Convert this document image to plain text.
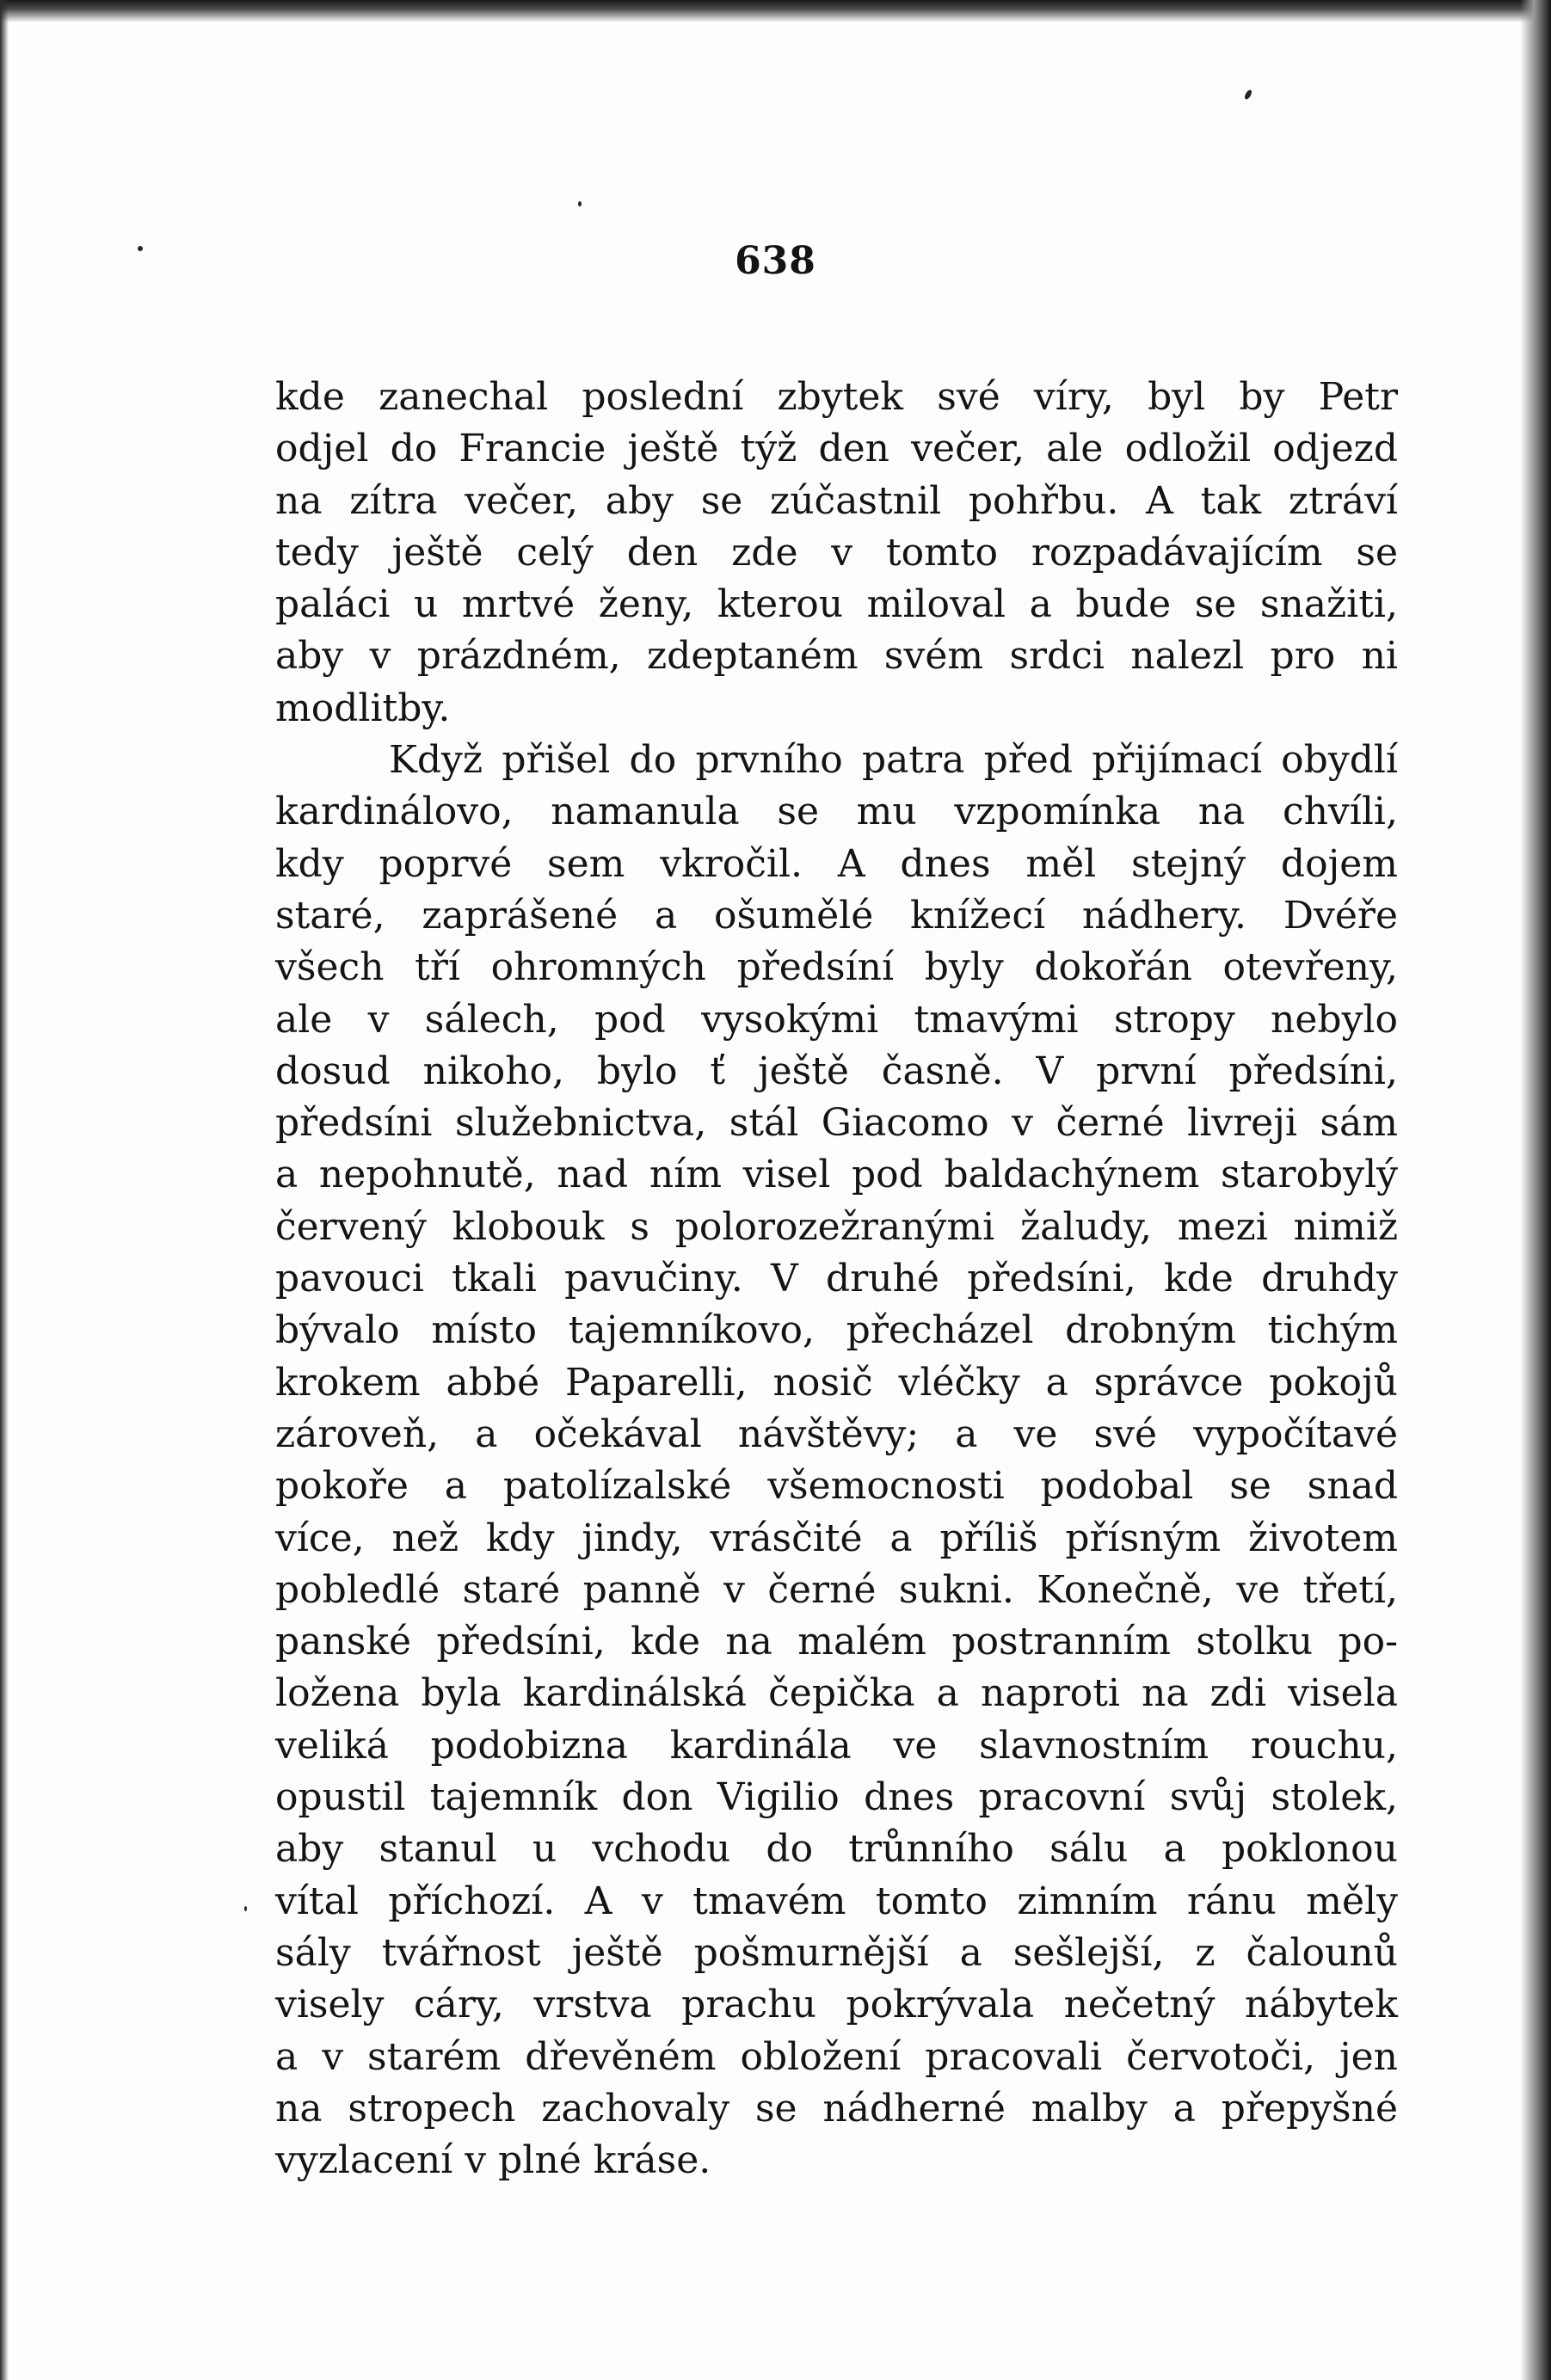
638
kde zanechal poslední zbytek své víry, byl by Petr
odjel do Francie ještě týž den večer, ale odložil odjezd
na zítra večer, aby se zúčastnil pohřbu. A tak ztráví
tedy ještě celý den zde v tomto rozpadávajícím se
paláci u mrtvé ženy, kterou miloval a bude se snažiti,
aby v prázdném, zdeptaném svém srdci nalezl pro ni
modlitby.
Když přišel do prvního patra před přijímací obydlí
kardinálovo, namanula se mu vzpomínka na chvíli,
kdy poprvé sem vkročil. A dnes měl stejný dojem
staré, zaprášené a ošumělé knížecí nádhery. Dvéře
všech tří ohromných předsíní byly dokořán otevřeny,
ale v sálech, pod vysokými tmavými stropy nebylo
dosud nikoho, bylo ť ještě časně. V první předsíni,
předsíni služebnictva, stál Giacomo v černé livreji sám
a nepohnutě, nad ním visel pod baldachýnem starobylý
červený klobouk s polorozežranými žaludy, mezi nimiž
pavouci tkali pavučiny. V druhé předsíni, kde druhdy
bývalo místo tajemníkovo, přecházel drobným tichým
krokem abbé Paparelli, nosič vléčky a správce pokojů
zároveň, a očekával návštěvy; a ve své vypočítavé
pokoře a patolízalské všemocnosti podobal se snad
více, než kdy jindy, vrásčité a příliš přísným životem
pobledlé staré panně v černé sukni. Konečně, ve třetí,
panské předsíni, kde na malém postranním stolku po-
ložena byla kardinálská čepička a naproti na zdi visela
veliká podobizna kardinála ve slavnostním rouchu,
opustil tajemník don Vigilio dnes pracovní svůj stolek,
aby stanul u vchodu do trůnního sálu a poklonou
vítal příchozí. A v tmavém tomto zimním ránu měly
sály tvářnost ještě pošmurnější a sešlejší, z čalounů
visely cáry, vrstva prachu pokrývala nečetný nábytek
a v starém dřevěném obložení pracovali červotoči, jen
na stropech zachovaly se nádherné malby a přepyšné
vyzlacení v plné kráse.
